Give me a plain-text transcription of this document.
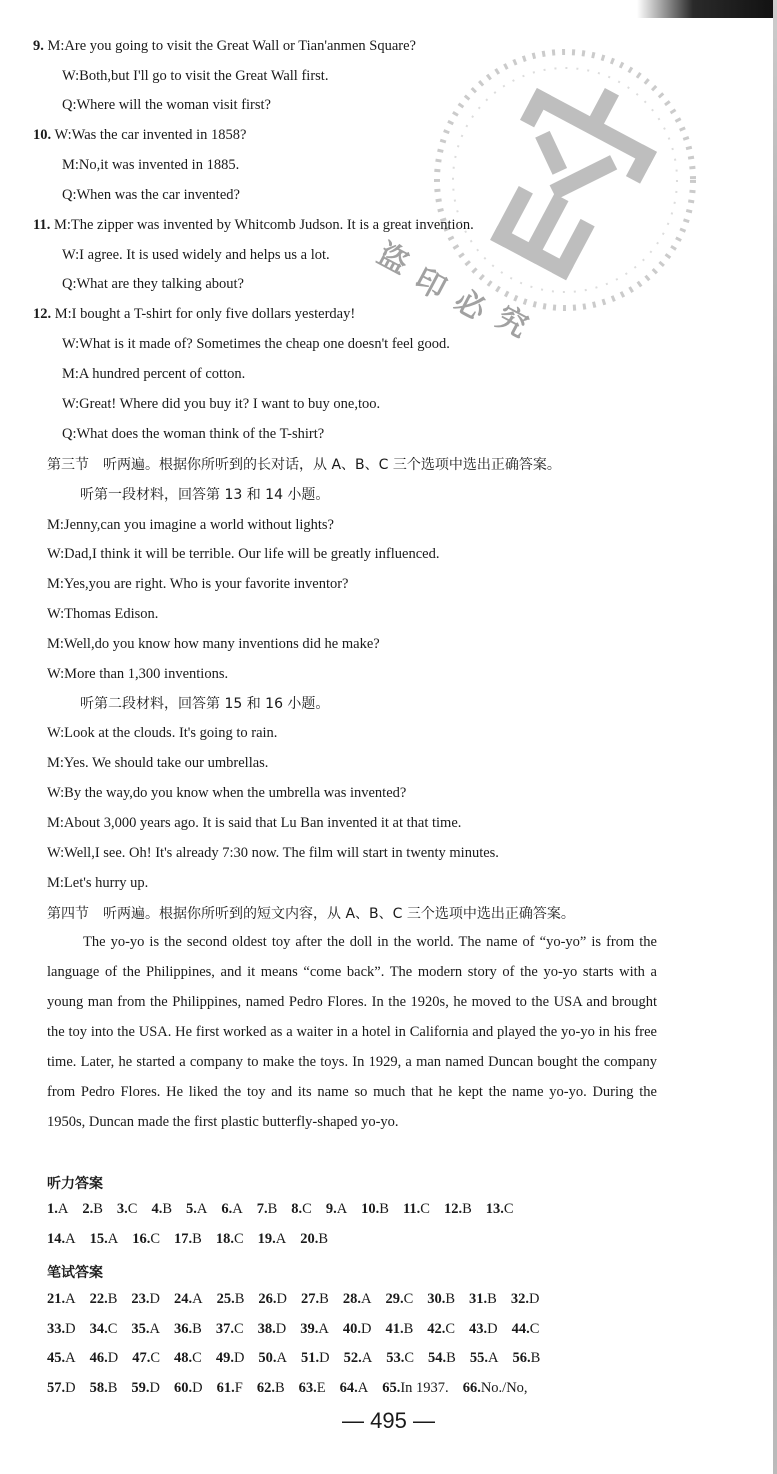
盗
印
必 究
9. M:Are you going to visit the Great Wall or Tian'anmen Square?
W:Both,but I'll go to visit the Great Wall first.
Q:Where will the woman visit first?
10. W:Was the car invented in 1858?
M:No,it was invented in 1885.
Q:When was the car invented?
11. M:The zipper was invented by Whitcomb Judson. It is a great invention.
W:I agree. It is used widely and helps us a lot.
Q:What are they talking about?
12. M:I bought a T-shirt for only five dollars yesterday!
W:What is it made of? Sometimes the cheap one doesn't feel good.
M:A hundred percent of cotton.
W:Great! Where did you buy it? I want to buy one,too.
Q:What does the woman think of the T-shirt?
第三节　听两遍。根据你所听到的长对话，从 A、B、C 三个选项中选出正确答案。
听第一段材料，回答第 13 和 14 小题。
M:Jenny,can you imagine a world without lights?
W:Dad,I think it will be terrible. Our life will be greatly influenced.
M:Yes,you are right. Who is your favorite inventor?
W:Thomas Edison.
M:Well,do you know how many inventions did he make?
W:More than 1,300 inventions.
听第二段材料，回答第 15 和 16 小题。
W:Look at the clouds. It's going to rain.
M:Yes. We should take our umbrellas.
W:By the way,do you know when the umbrella was invented?
M:About 3,000 years ago. It is said that Lu Ban invented it at that time.
W:Well,I see. Oh! It's already 7:30 now. The film will start in twenty minutes.
M:Let's hurry up.
第四节　听两遍。根据你所听到的短文内容，从 A、B、C 三个选项中选出正确答案。

The yo-yo is the second oldest toy after the doll in the world. The name of “yo-yo” is from the language of the Philippines, and it means “come back”. The modern story of the yo-yo starts with a young man from the Philippines, named Pedro Flores. In the 1920s, he moved to the USA and brought the toy into the USA. He first worked as a waiter in a hotel in California and played the yo-yo in his free time. Later, he started a company to make the toys. In 1929, a man named Duncan bought the company from Pedro Flores. He liked the toy and its name so much that he kept the name yo-yo. During the 1950s, Duncan made the first plastic butterfly-shaped yo-yo.

听力答案
1.A 2.B 3.C 4.B 5.A 6.A 7.B 8.C 9.A 10.B 11.C 12.B 13.C
14.A 15.A 16.C 17.B 18.C 19.A 20.B
笔试答案
21.A 22.B 23.D 24.A 25.B 26.D 27.B 28.A 29.C 30.B 31.B 32.D
33.D 34.C 35.A 36.B 37.C 38.D 39.A 40.D 41.B 42.C 43.D 44.C
45.A 46.D 47.C 48.C 49.D 50.A 51.D 52.A 53.C 54.B 55.A 56.B
57.D 58.B 59.D 60.D 61.F 62.B 63.E 64.A 65.In 1937. 66.No./No,
— 495 —
